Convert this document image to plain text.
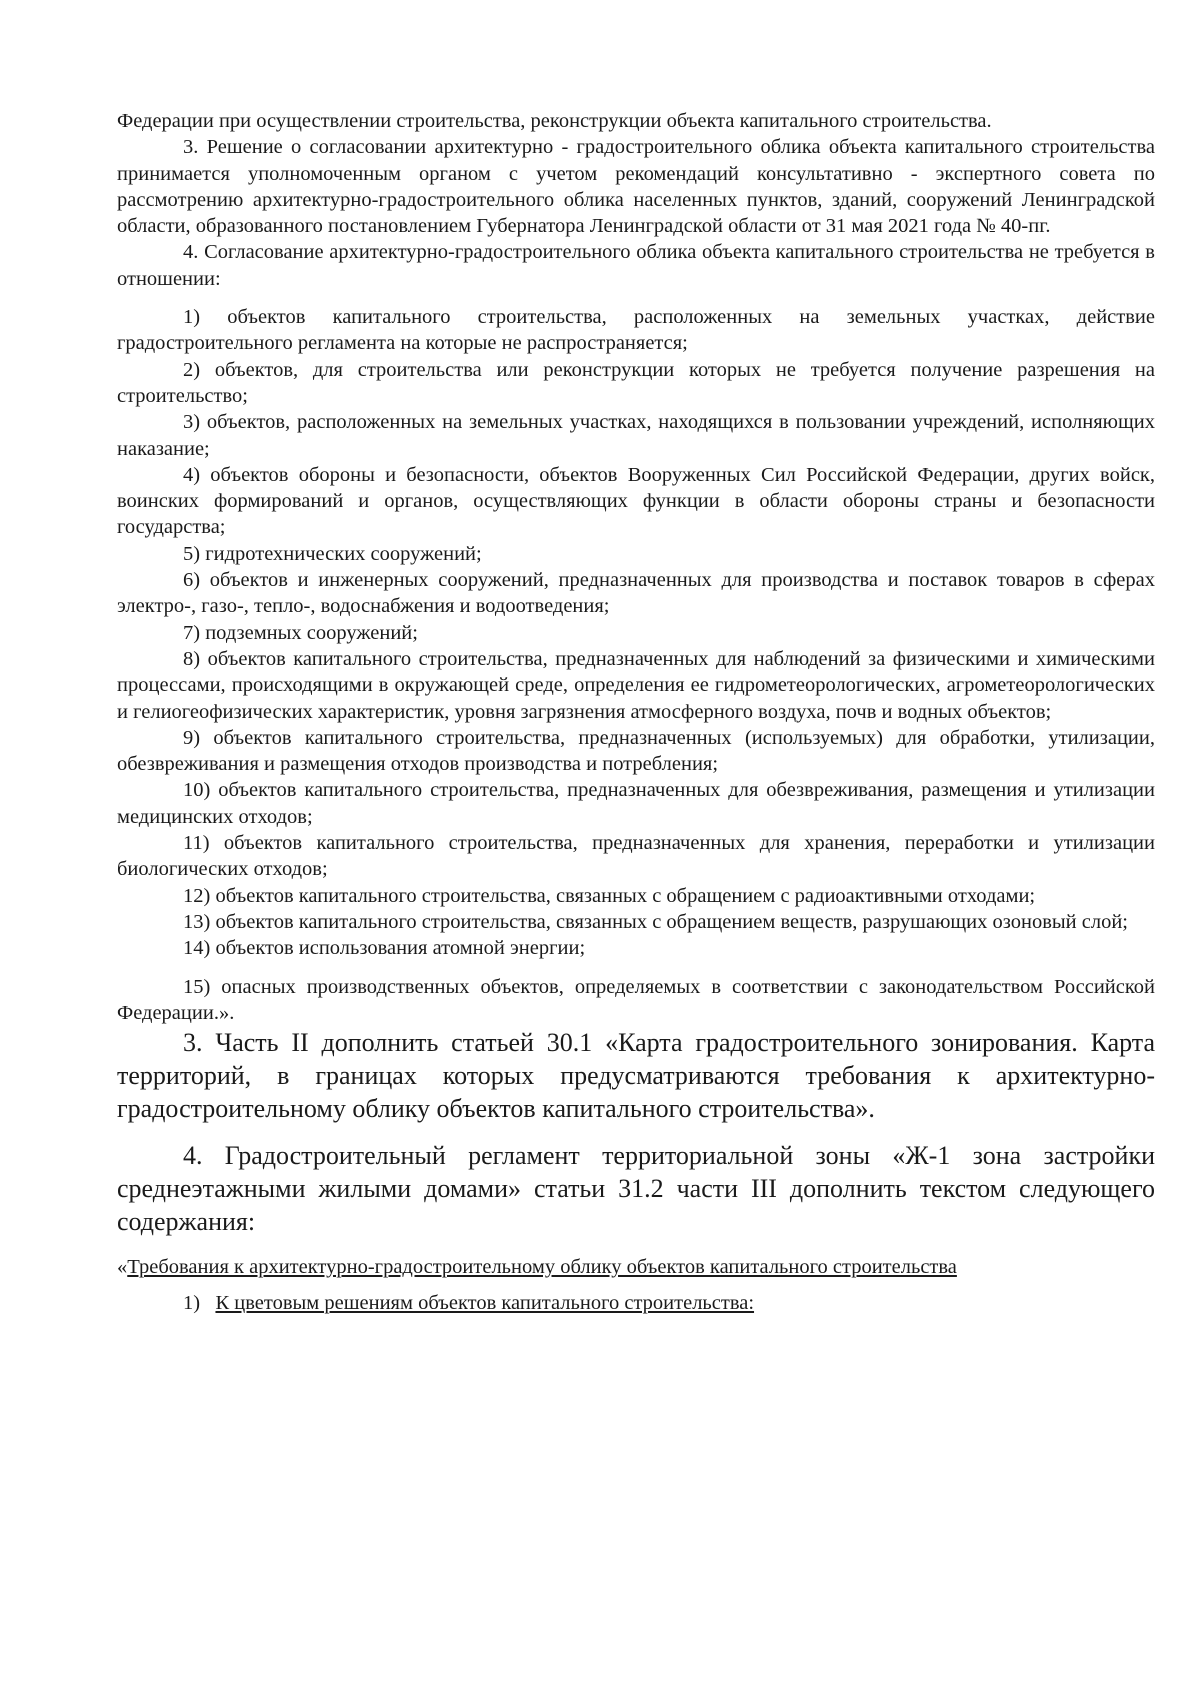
Федерации при осуществлении строительства, реконструкции объекта капитального строительства.

3. Решение о согласовании архитектурно - градостроительного облика объекта капитального строительства принимается уполномоченным органом с учетом рекомендаций консультативно - экспертного совета по рассмотрению архитектурно-градостроительного облика населенных пунктов, зданий, сооружений Ленинградской области, образованного постановлением Губернатора Ленинградской области от 31 мая 2021 года № 40-пг.

4. Согласование архитектурно-градостроительного облика объекта капитального строительства не требуется в отношении:

1) объектов капитального строительства, расположенных на земельных участках, действие градостроительного регламента на которые не распространяется;

2) объектов, для строительства или реконструкции которых не требуется получение разрешения на строительство;

3) объектов, расположенных на земельных участках, находящихся в пользовании учреждений, исполняющих наказание;

4) объектов обороны и безопасности, объектов Вооруженных Сил Российской Федерации, других войск, воинских формирований и органов, осуществляющих функции в области обороны страны и безопасности государства;

5) гидротехнических сооружений;

6) объектов и инженерных сооружений, предназначенных для производства и поставок товаров в сферах электро-, газо-, тепло-, водоснабжения и водоотведения;

7) подземных сооружений;

8) объектов капитального строительства, предназначенных для наблюдений за физическими и химическими процессами, происходящими в окружающей среде, определения ее гидрометеорологических, агрометеорологических и гелиогеофизических характеристик, уровня загрязнения атмосферного воздуха, почв и водных объектов;

9) объектов капитального строительства, предназначенных (используемых) для обработки, утилизации, обезвреживания и размещения отходов производства и потребления;

10) объектов капитального строительства, предназначенных для обезвреживания, размещения и утилизации медицинских отходов;

11) объектов капитального строительства, предназначенных для хранения, переработки и утилизации биологических отходов;

12) объектов капитального строительства, связанных с обращением с радиоактивными отходами;

13) объектов капитального строительства, связанных с обращением веществ, разрушающих озоновый слой;

14) объектов использования атомной энергии;

15) опасных производственных объектов, определяемых в соответствии с законодательством Российской Федерации.».

3. Часть II дополнить статьей 30.1 «Карта градостроительного зонирования. Карта территорий, в границах которых предусматриваются требования к архитектурно-градостроительному облику объектов капитального строительства».

4. Градостроительный регламент территориальной зоны «Ж-1 зона застройки среднеэтажными жилыми домами» статьи 31.2 части III дополнить текстом следующего содержания:

«Требования к архитектурно-градостроительному облику объектов капитального строительства

1) К цветовым решениям объектов капитального строительства:
